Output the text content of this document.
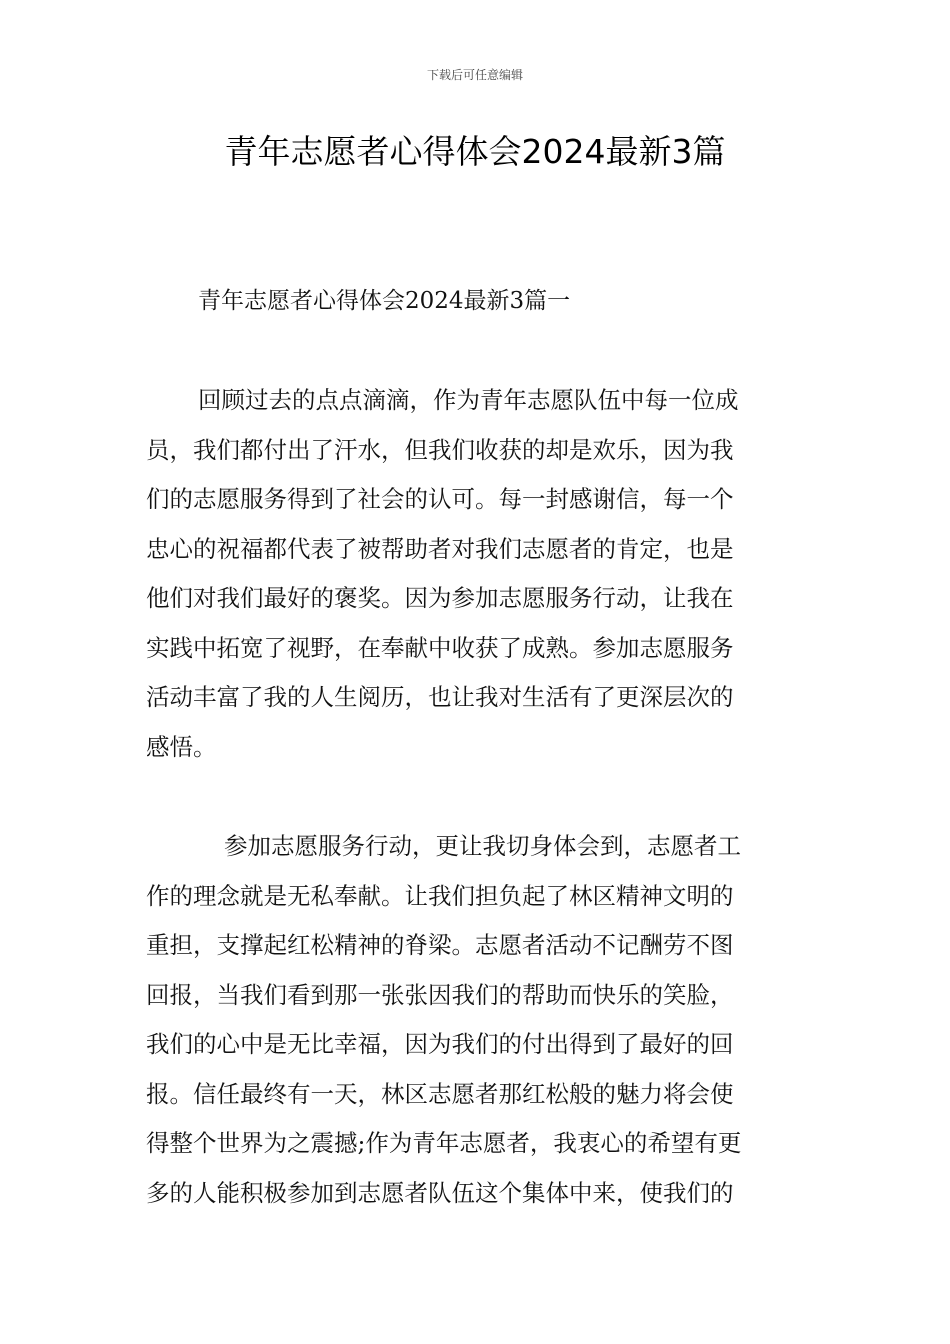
下载后可任意编辑
青年志愿者心得体会2024最新3篇
青年志愿者心得体会2024最新3篇一

回顾过去的点点滴滴，作为青年志愿队伍中每一位成
员，我们都付出了汗水，但我们收获的却是欢乐，因为我
们的志愿服务得到了社会的认可。每一封感谢信，每一个
忠心的祝福都代表了被帮助者对我们志愿者的肯定，也是
他们对我们最好的褒奖。因为参加志愿服务行动，让我在
实践中拓宽了视野，在奉献中收获了成熟。参加志愿服务
活动丰富了我的人生阅历，也让我对生活有了更深层次的
感悟。

参加志愿服务行动，更让我切身体会到，志愿者工
作的理念就是无私奉献。让我们担负起了林区精神文明的
重担，支撑起红松精神的脊梁。志愿者活动不记酬劳不图
回报，当我们看到那一张张因我们的帮助而快乐的笑脸，
我们的心中是无比幸福，因为我们的付出得到了最好的回
报。信任最终有一天，林区志愿者那红松般的魅力将会使
得整个世界为之震撼;作为青年志愿者，我衷心的希望有更
多的人能积极参加到志愿者队伍这个集体中来，使我们的
